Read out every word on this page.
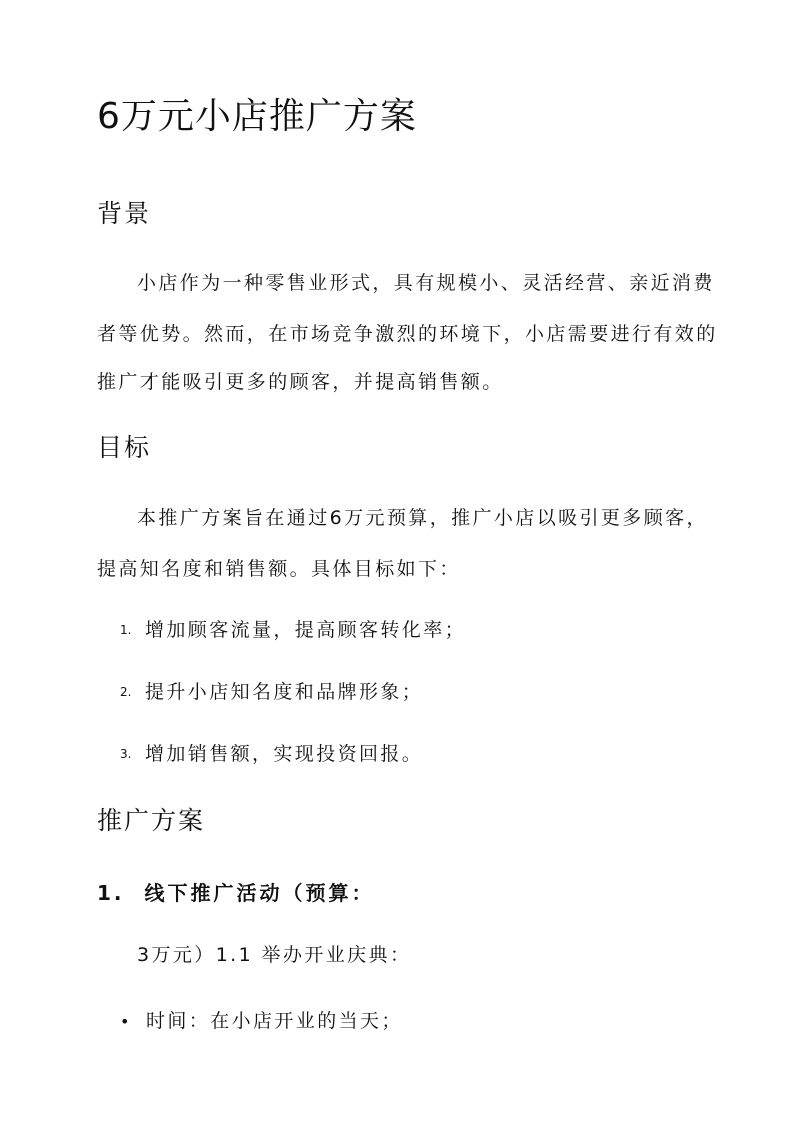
6万元小店推广方案
背景
小店作为一种零售业形式，具有规模小、灵活经营、亲近消费
者等优势。然而，在市场竞争激烈的环境下，小店需要进行有效的
推广才能吸引更多的顾客，并提高销售额。
目标
本推广方案旨在通过6万元预算，推广小店以吸引更多顾客，
提高知名度和销售额。具体目标如下：
1. 增加顾客流量，提高顾客转化率；
2. 提升小店知名度和品牌形象；
3. 增加销售额，实现投资回报。
推广方案
1.  线下推广活动（预算：
3万元）1.1 举办开业庆典：
• 时间：在小店开业的当天；
